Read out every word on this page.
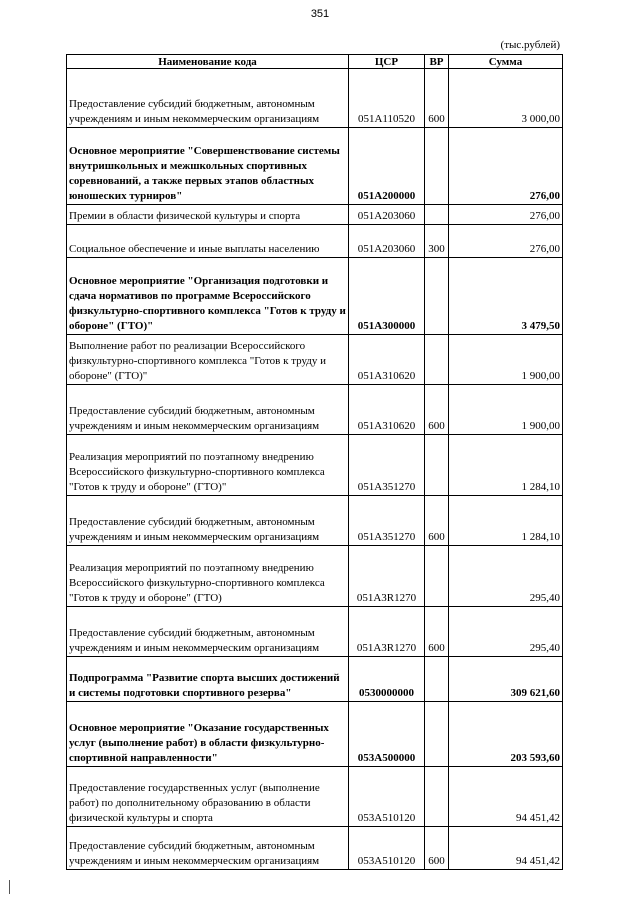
351
(тыс.рублей)
Наименование кода	ЦСР	ВР	Сумма
Предоставление субсидий бюджетным, автономным учреждениям и иным некоммерческим организациям	051А110520	600	3 000,00
Основное мероприятие "Совершенствование системы внутришкольных и межшкольных спортивных соревнований, а также первых этапов областных юношеских турниров"	051А200000		276,00
Премии в области физической культуры и спорта	051А203060		276,00
Социальное обеспечение и иные выплаты населению	051А203060	300	276,00
Основное мероприятие "Организация подготовки и сдача нормативов по программе Всероссийского физкультурно-спортивного комплекса "Готов к труду и обороне" (ГТО)"	051А300000		3 479,50
Выполнение работ по реализации Всероссийского физкультурно-спортивного комплекса "Готов к труду и обороне" (ГТО)"	051А310620		1 900,00
Предоставление субсидий бюджетным, автономным учреждениям и иным некоммерческим организациям	051А310620	600	1 900,00
Реализация мероприятий по поэтапному внедрению Всероссийского физкультурно-спортивного комплекса "Готов к труду и обороне" (ГТО)"	051А351270		1 284,10
Предоставление субсидий бюджетным, автономным учреждениям и иным некоммерческим организациям	051А351270	600	1 284,10
Реализация мероприятий по поэтапному внедрению Всероссийского физкультурно-спортивного комплекса "Готов к труду и обороне" (ГТО)	051А3R1270		295,40
Предоставление субсидий бюджетным, автономным учреждениям и иным некоммерческим организациям	051А3R1270	600	295,40
Подпрограмма "Развитие спорта высших достижений и системы подготовки спортивного резерва"	0530000000		309 621,60
Основное мероприятие "Оказание государственных услуг (выполнение работ) в области физкультурно-спортивной направленности"	053А500000		203 593,60
Предоставление государственных услуг (выполнение работ) по дополнительному образованию в области физической культуры и спорта	053А510120		94 451,42
Предоставление субсидий бюджетным, автономным учреждениям и иным некоммерческим организациям	053А510120	600	94 451,42
